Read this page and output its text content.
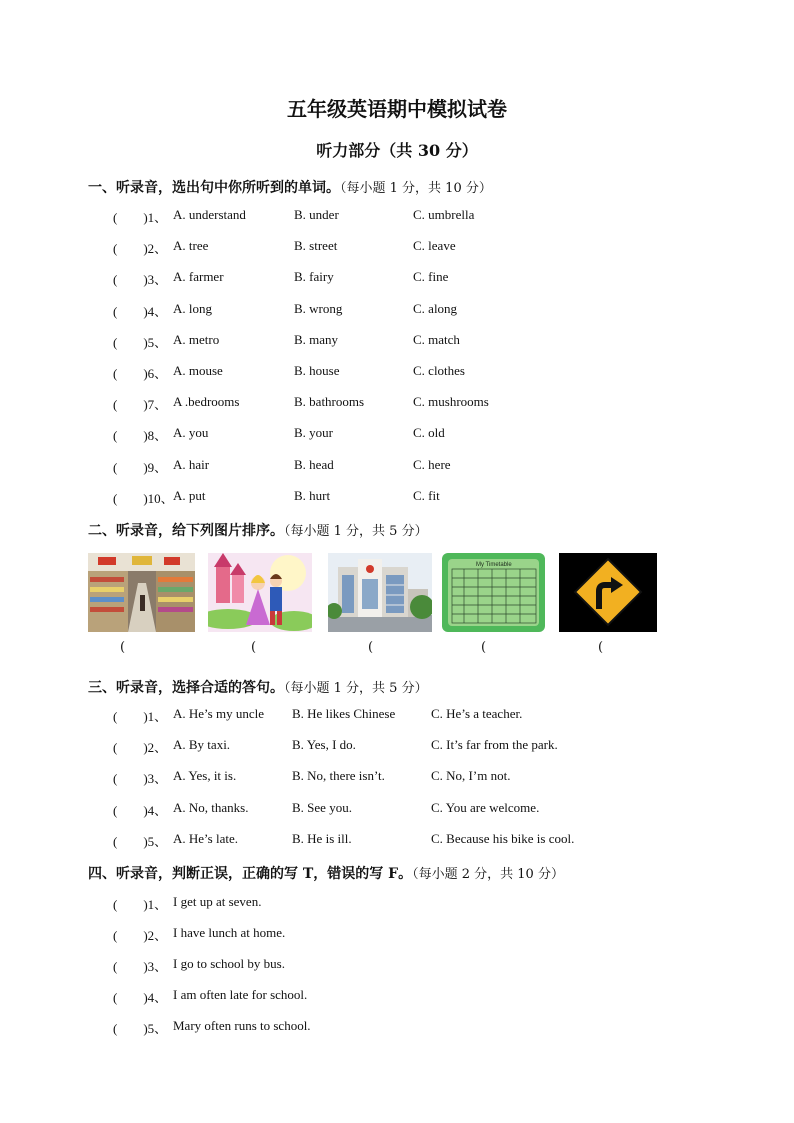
五年级英语期中模拟试卷
听力部分（共 30 分）
一、听录音，选出句中你所听到的单词。（每小题 1 分，共 10 分）
(　　)1、 A. understand	B. under	C. umbrella
(　　)2、 A. tree	B. street	C. leave
(　　)3、 A. farmer	B. fairy	C. fine
(　　)4、 A. long	B. wrong	C. along
(　　)5、 A. metro	B. many	C. match
(　　)6、 A. mouse	B. house	C. clothes
(　　)7、 A .bedrooms	B. bathrooms	C. mushrooms
(　　)8、 A. you	B. your	C. old
(　　)9、 A. hair	B. head	C. here
(　　)10、 A. put	B. hurt	C. fit
二、听录音，给下列图片排序。（每小题 1 分，共 5 分）
My Timetable
(	(	(	(	(
三、听录音，选择合适的答句。（每小题 1 分，共 5 分）
(　　)1、 A. He’s my uncle B. He likes Chinese	C. He’s a teacher.
(　　)2、 A. By taxi.	B. Yes, I do.	C. It’s far from the park.
(　　)3、 A. Yes, it is.	B. No, there isn’t.	C. No, I’m not.
(　　)4、 A. No, thanks.	B. See you.	C. You are welcome.
(　　)5、 A. He’s late.	B. He is ill.	C. Because his bike is cool.
四、听录音，判断正误，正确的写 T，错误的写 F。（每小题 2 分，共 10 分）
(　　)1、 I get up at seven.
(　　)2、 I have lunch at home.
(　　)3、 I go to school by bus.
(　　)4、 I am often late for school.
(　　)5、 Mary often runs to school.
